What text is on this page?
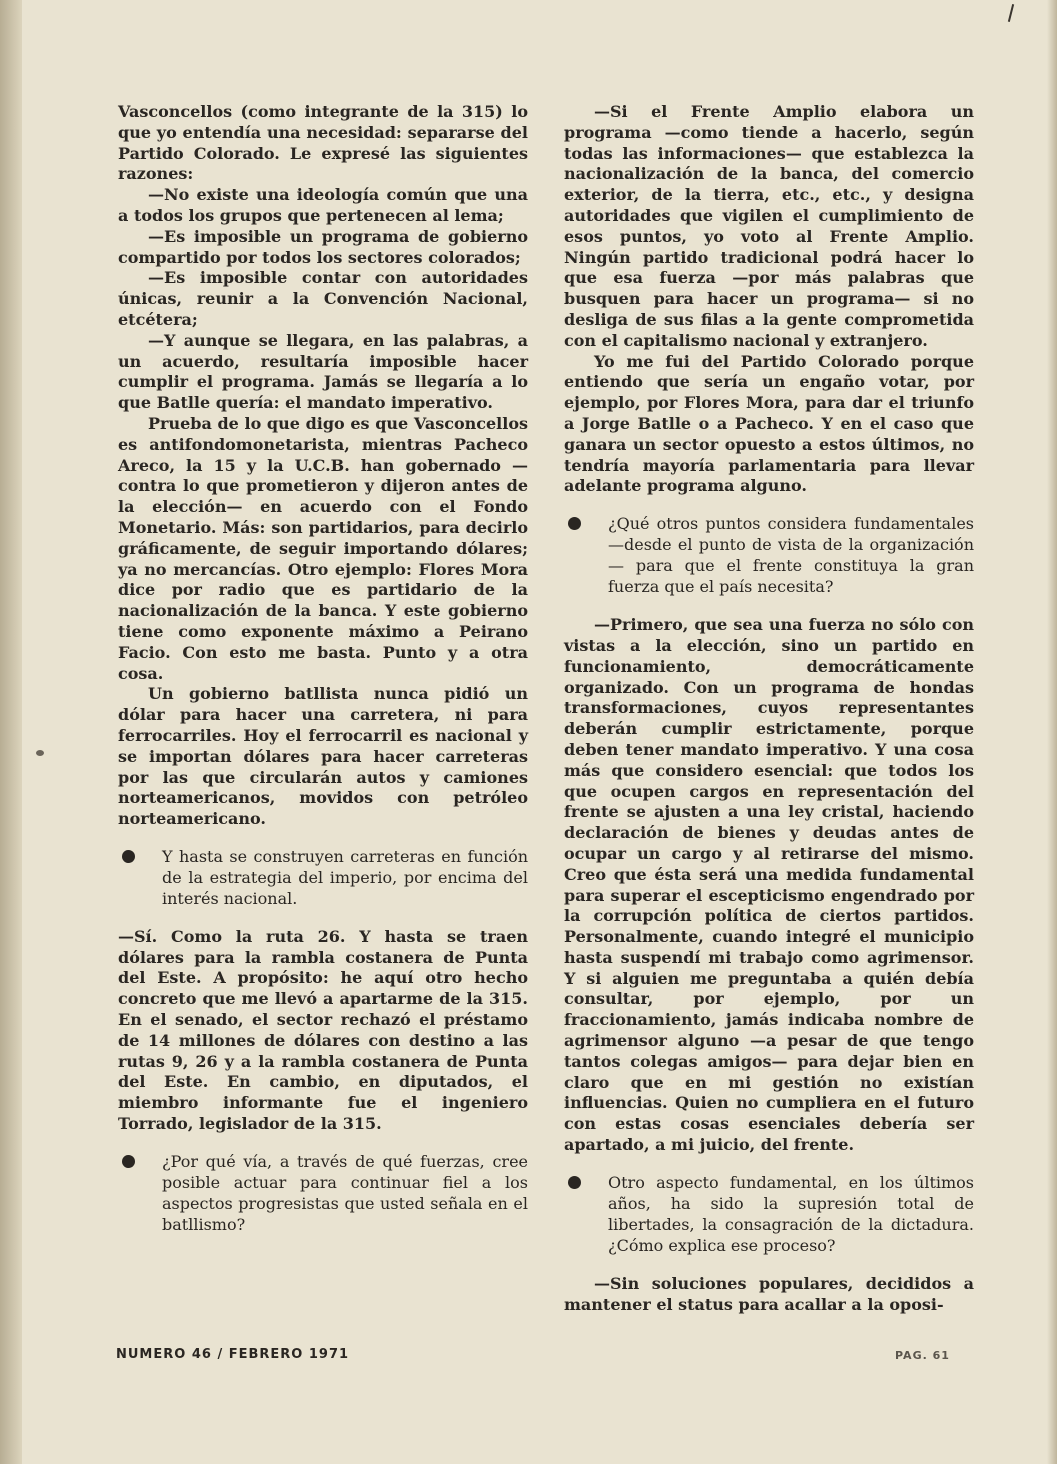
Vasconcellos (como integrante de la 315) lo que yo entendía una necesidad: separarse del Partido Colorado. Le expresé las siguientes razones:

—No existe una ideología común que una a todos los grupos que pertenecen al lema;

—Es imposible un programa de gobierno compartido por todos los sectores colorados;

—Es imposible contar con autoridades únicas, reunir a la Convención Nacional, etcétera;

—Y aunque se llegara, en las palabras, a un acuerdo, resultaría imposible hacer cumplir el programa. Jamás se llegaría a lo que Batlle quería: el mandato imperativo.

Prueba de lo que digo es que Vasconcellos es antifondomonetarista, mientras Pacheco Areco, la 15 y la U.C.B. han gobernado —contra lo que prometieron y dijeron antes de la elección— en acuerdo con el Fondo Monetario. Más: son partidarios, para decirlo gráficamente, de seguir importando dólares; ya no mercancías. Otro ejemplo: Flores Mora dice por radio que es partidario de la nacionalización de la banca. Y este gobierno tiene como exponente máximo a Peirano Facio. Con esto me basta. Punto y a otra cosa.

Un gobierno batllista nunca pidió un dólar para hacer una carretera, ni para ferrocarriles. Hoy el ferrocarril es nacional y se importan dólares para hacer carreteras por las que circularán autos y camiones norteamericanos, movidos con petróleo norteamericano.

Y hasta se construyen carreteras en función de la estrategia del imperio, por encima del interés nacional.

—Sí. Como la ruta 26. Y hasta se traen dólares para la rambla costanera de Punta del Este. A propósito: he aquí otro hecho concreto que me llevó a apartarme de la 315. En el senado, el sector rechazó el préstamo de 14 millones de dólares con destino a las rutas 9, 26 y a la rambla costanera de Punta del Este. En cambio, en diputados, el miembro informante fue el ingeniero Torrado, legislador de la 315.

¿Por qué vía, a través de qué fuerzas, cree posible actuar para continuar fiel a los aspectos progresistas que usted señala en el batllismo?

—Si el Frente Amplio elabora un programa —como tiende a hacerlo, según todas las informaciones— que establezca la nacionalización de la banca, del comercio exterior, de la tierra, etc., etc., y designa autoridades que vigilen el cumplimiento de esos puntos, yo voto al Frente Amplio. Ningún partido tradicional podrá hacer lo que esa fuerza —por más palabras que busquen para hacer un programa— si no desliga de sus filas a la gente comprometida con el capitalismo nacional y extranjero.

Yo me fui del Partido Colorado porque entiendo que sería un engaño votar, por ejemplo, por Flores Mora, para dar el triunfo a Jorge Batlle o a Pacheco. Y en el caso que ganara un sector opuesto a estos últimos, no tendría mayoría parlamentaria para llevar adelante programa alguno.

¿Qué otros puntos considera fundamentales —desde el punto de vista de la organización— para que el frente constituya la gran fuerza que el país necesita?

—Primero, que sea una fuerza no sólo con vistas a la elección, sino un partido en funcionamiento, democráticamente organizado. Con un programa de hondas transformaciones, cuyos representantes deberán cumplir estrictamente, porque deben tener mandato imperativo. Y una cosa más que considero esencial: que todos los que ocupen cargos en representación del frente se ajusten a una ley cristal, haciendo declaración de bienes y deudas antes de ocupar un cargo y al retirarse del mismo. Creo que ésta será una medida fundamental para superar el escepticismo engendrado por la corrupción política de ciertos partidos. Personalmente, cuando integré el municipio hasta suspendí mi trabajo como agrimensor. Y si alguien me preguntaba a quién debía consultar, por ejemplo, por un fraccionamiento, jamás indicaba nombre de agrimensor alguno —a pesar de que tengo tantos colegas amigos— para dejar bien en claro que en mi gestión no existían influencias. Quien no cumpliera en el futuro con estas cosas esenciales debería ser apartado, a mi juicio, del frente.

Otro aspecto fundamental, en los últimos años, ha sido la supresión total de libertades, la consagración de la dictadura. ¿Cómo explica ese proceso?

—Sin soluciones populares, decididos a mantener el status para acallar a la oposi-

NUMERO 46 / FEBRERO 1971	PAG. 61
